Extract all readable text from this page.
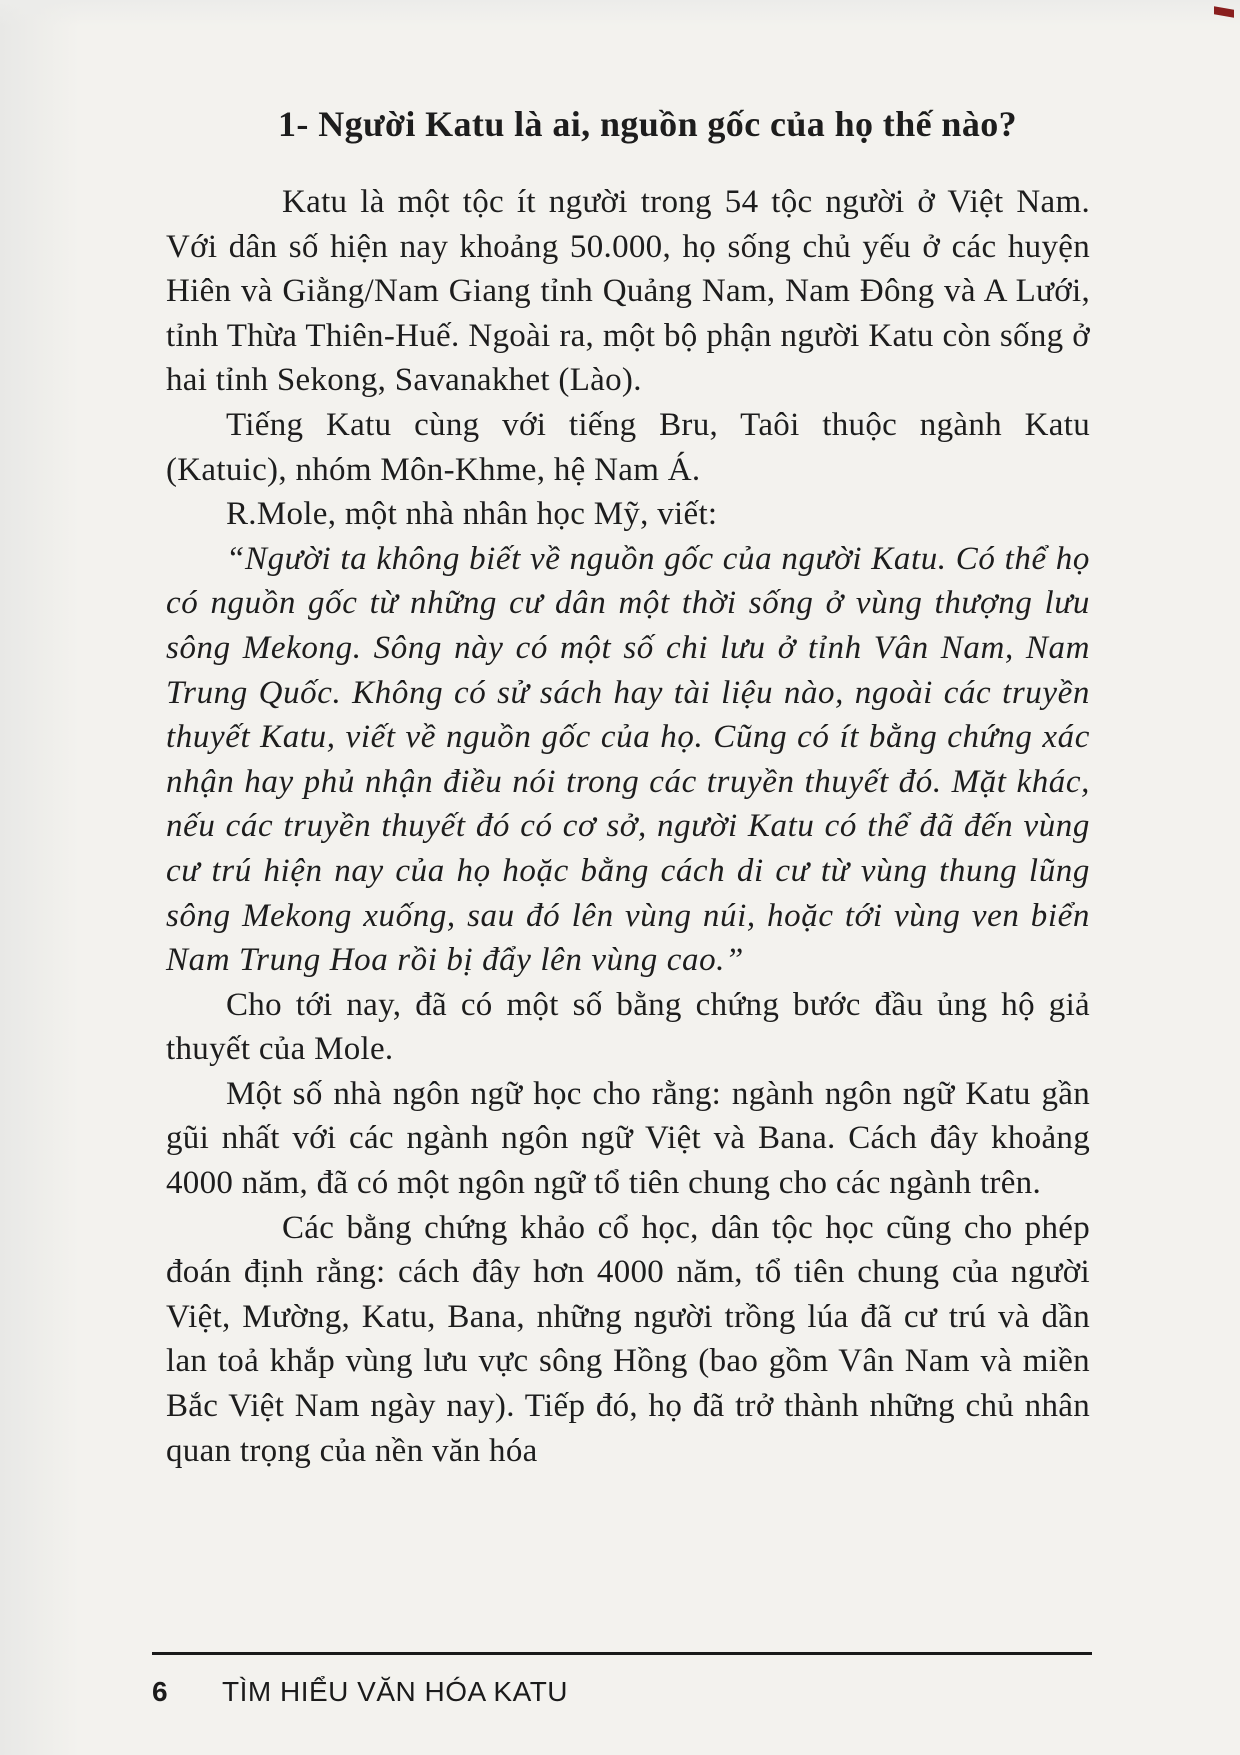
1- Người Katu là ai, nguồn gốc của họ thế nào?

Katu là một tộc ít người trong 54 tộc người ở Việt Nam. Với dân số hiện nay khoảng 50.000, họ sống chủ yếu ở các huyện Hiên và Giằng/Nam Giang tỉnh Quảng Nam, Nam Đông và A Lưới, tỉnh Thừa Thiên-Huế. Ngoài ra, một bộ phận người Katu còn sống ở hai tỉnh Sekong, Savanakhet (Lào).

Tiếng Katu cùng với tiếng Bru, Taôi thuộc ngành Katu (Katuic), nhóm Môn-Khme, hệ Nam Á.

R.Mole, một nhà nhân học Mỹ, viết:

“Người ta không biết về nguồn gốc của người Katu. Có thể họ có nguồn gốc từ những cư dân một thời sống ở vùng thượng lưu sông Mekong. Sông này có một số chi lưu ở tỉnh Vân Nam, Nam Trung Quốc. Không có sử sách hay tài liệu nào, ngoài các truyền thuyết Katu, viết về nguồn gốc của họ. Cũng có ít bằng chứng xác nhận hay phủ nhận điều nói trong các truyền thuyết đó. Mặt khác, nếu các truyền thuyết đó có cơ sở, người Katu có thể đã đến vùng cư trú hiện nay của họ hoặc bằng cách di cư từ vùng thung lũng sông Mekong xuống, sau đó lên vùng núi, hoặc tới vùng ven biển Nam Trung Hoa rồi bị đẩy lên vùng cao.”

Cho tới nay, đã có một số bằng chứng bước đầu ủng hộ giả thuyết của Mole.

Một số nhà ngôn ngữ học cho rằng: ngành ngôn ngữ Katu gần gũi nhất với các ngành ngôn ngữ Việt và Bana. Cách đây khoảng 4000 năm, đã có một ngôn ngữ tổ tiên chung cho các ngành trên.

Các bằng chứng khảo cổ học, dân tộc học cũng cho phép đoán định rằng: cách đây hơn 4000 năm, tổ tiên chung của người Việt, Mường, Katu, Bana, những người trồng lúa đã cư trú và dần lan toả khắp vùng lưu vực sông Hồng (bao gồm Vân Nam và miền Bắc Việt Nam ngày nay). Tiếp đó, họ đã trở thành những chủ nhân quan trọng của nền văn hóa

6	TÌM HIỂU VĂN HÓA KATU
